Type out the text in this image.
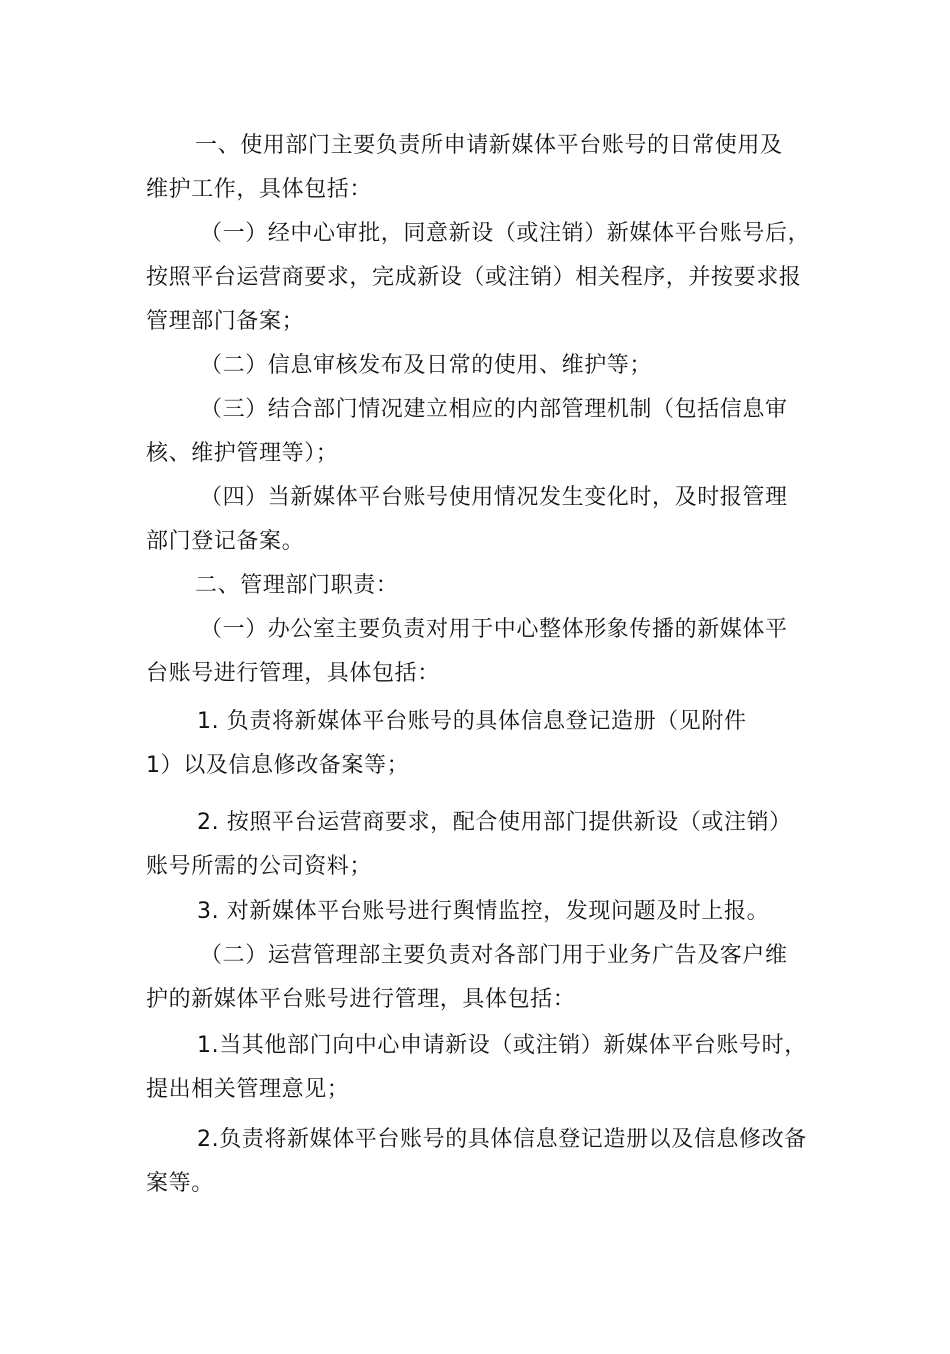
一、使用部门主要负责所申请新媒体平台账号的日常使用及
维护工作，具体包括：
（一）经中心审批，同意新设（或注销）新媒体平台账号后，
按照平台运营商要求，完成新设（或注销）相关程序，并按要求报
管理部门备案；
（二）信息审核发布及日常的使用、维护等；
（三）结合部门情况建立相应的内部管理机制（包括信息审
核、维护管理等）；
（四）当新媒体平台账号使用情况发生变化时，及时报管理
部门登记备案。
二、管理部门职责：
（一）办公室主要负责对用于中心整体形象传播的新媒体平
台账号进行管理，具体包括：
1. 负责将新媒体平台账号的具体信息登记造册（见附件
1）以及信息修改备案等；
2. 按照平台运营商要求，配合使用部门提供新设（或注销）
账号所需的公司资料；
3. 对新媒体平台账号进行舆情监控，发现问题及时上报。
（二）运营管理部主要负责对各部门用于业务广告及客户维
护的新媒体平台账号进行管理，具体包括：
1.当其他部门向中心申请新设（或注销）新媒体平台账号时，
提出相关管理意见；
2.负责将新媒体平台账号的具体信息登记造册以及信息修改备
案等。
